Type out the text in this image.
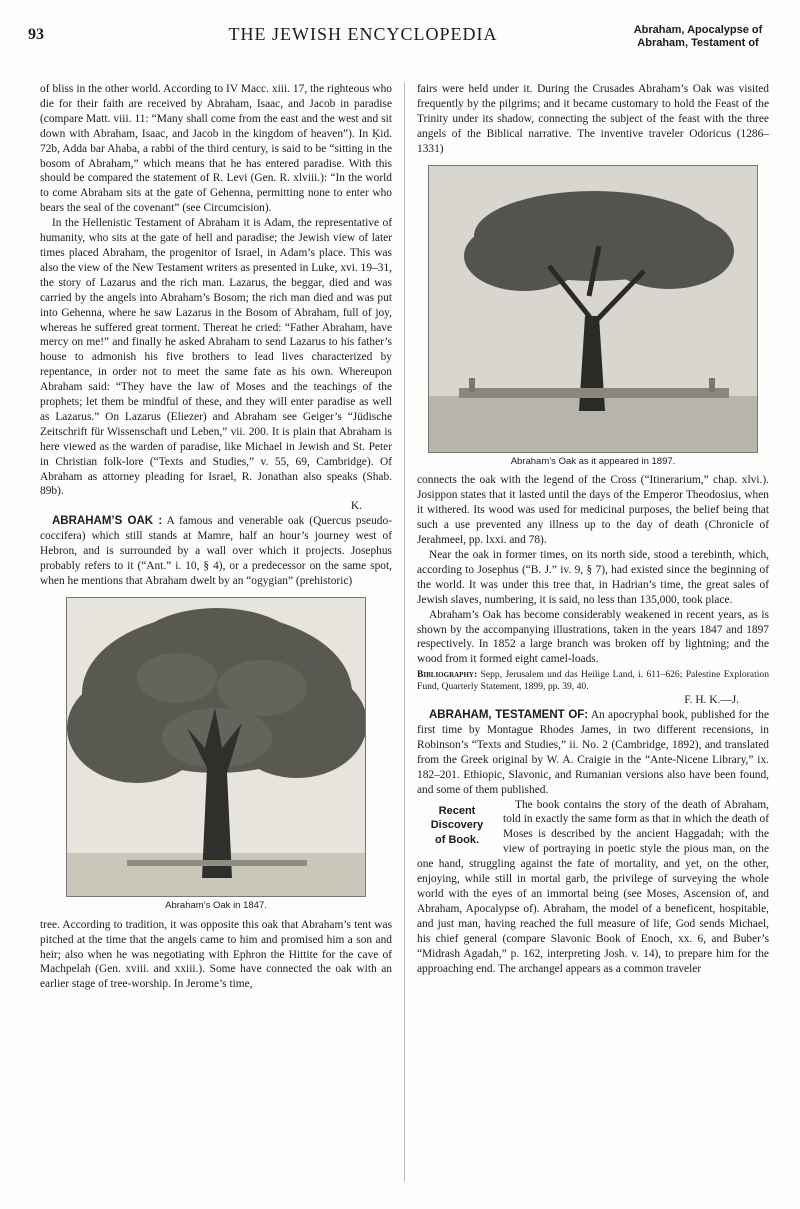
93	THE JEWISH ENCYCLOPEDIA	Abraham, Apocalypse of
Abraham, Testament of

of bliss in the other world. According to IV Macc. xiii. 17, the righteous who die for their faith are received by Abraham, Isaac, and Jacob in paradise (compare Matt. viii. 11: “Many shall come from the east and the west and sit down with Abraham, Isaac, and Jacob in the kingdom of heaven”). In Ḳid. 72b, Adda bar Ahaba, a rabbi of the third century, is said to be “sitting in the bosom of Abraham,” which means that he has entered paradise. With this should be compared the statement of R. Levi (Gen. R. xlviii.): “In the world to come Abraham sits at the gate of Gehenna, permitting none to enter who bears the seal of the covenant” (see Circumcision).

In the Hellenistic Testament of Abraham it is Adam, the representative of humanity, who sits at the gate of hell and paradise; the Jewish view of later times placed Abraham, the progenitor of Israel, in Adam’s place. This was also the view of the New Testament writers as presented in Luke, xvi. 19–31, the story of Lazarus and the rich man. Lazarus, the beggar, died and was carried by the angels into Abraham’s Bosom; the rich man died and was put into Gehenna, where he saw Lazarus in the Bosom of Abraham, full of joy, whereas he suffered great torment. Thereat he cried: “Father Abraham, have mercy on me!” and finally he asked Abraham to send Lazarus to his father’s house to admonish his five brothers to lead lives characterized by repentance, in order not to meet the same fate as his own. Whereupon Abraham said: “They have the law of Moses and the teachings of the prophets; let them be mindful of these, and they will enter paradise as well as Lazarus.” On Lazarus (Eliezer) and Abraham see Geiger’s “Jüdische Zeitschrift für Wissenschaft und Leben,” vii. 200. It is plain that Abraham is here viewed as the warden of paradise, like Michael in Jewish and St. Peter in Christian folk-lore (“Texts and Studies,” v. 55, 69, Cambridge). Of Abraham as attorney pleading for Israel, R. Jonathan also speaks (Shab. 89b).

K.

ABRAHAM’S OAK : A famous and venerable oak (Quercus pseudo-coccifera) which still stands at Mamre, half an hour’s journey west of Hebron, and is surrounded by a wall over which it projects. Josephus probably refers to it (“Ant.” i. 10, § 4), or a predecessor on the same spot, when he mentions that Abraham dwelt by an “ogygian” (prehistoric)

Abraham’s Oak in 1847.

tree. According to tradition, it was opposite this oak that Abraham’s tent was pitched at the time that the angels came to him and promised him a son and heir; also when he was negotiating with Ephron the Hittite for the cave of Machpelah (Gen. xviii. and xxiii.). Some have connected the oak with an earlier stage of tree-worship. In Jerome’s time,

fairs were held under it. During the Crusades Abraham’s Oak was visited frequently by the pilgrims; and it became customary to hold the Feast of the Trinity under its shadow, connecting the subject of the feast with the three angels of the Biblical narrative. The inventive traveler Odoricus (1286–1331)

Abraham’s Oak as it appeared in 1897.

connects the oak with the legend of the Cross (“Itinerarium,” chap. xlvi.). Josippon states that it lasted until the days of the Emperor Theodosius, when it withered. Its wood was used for medicinal purposes, the belief being that such a use prevented any illness up to the day of death (Chronicle of Jerahmeel, pp. lxxi. and 78).

Near the oak in former times, on its north side, stood a terebinth, which, according to Josephus (“B. J.” iv. 9, § 7), had existed since the beginning of the world. It was under this tree that, in Hadrian’s time, the great sales of Jewish slaves, numbering, it is said, no less than 135,000, took place.

Abraham’s Oak has become considerably weakened in recent years, as is shown by the accompanying illustrations, taken in the years 1847 and 1897 respectively. In 1852 a large branch was broken off by lightning; and the wood from it formed eight camel-loads.

Bibliography: Sepp, Jerusalem und das Heilige Land, i. 611–626; Palestine Exploration Fund, Quarterly Statement, 1899, pp. 39, 40.

F. H. K.—J.

ABRAHAM, TESTAMENT OF: An apocryphal book, published for the first time by Montague Rhodes James, in two different recensions, in Robinson’s “Texts and Studies,” ii. No. 2 (Cambridge, 1892), and translated from the Greek original by W. A. Craigie in the “Ante-Nicene Library,” ix. 182–201. Ethiopic, Slavonic, and Rumanian versions also have been found, and some of them published.

Recent
Discovery
of Book.

The book contains the story of the death of Abraham, told in exactly the same form as that in which the death of Moses is described by the ancient Haggadah; with the view of portraying in poetic style the pious man, on the one hand, struggling against the fate of mortality, and yet, on the other, enjoying, while still in mortal garb, the privilege of surveying the whole world with the eyes of an immortal being (see Moses, Ascension of, and Abraham, Apocalypse of). Abraham, the model of a beneficent, hospitable, and just man, having reached the full measure of life, God sends Michael, his chief general (compare Slavonic Book of Enoch, xx. 6, and Buber’s “Midrash Agadah,” p. 162, interpreting Josh. v. 14), to prepare him for the approaching end. The archangel appears as a common traveler
